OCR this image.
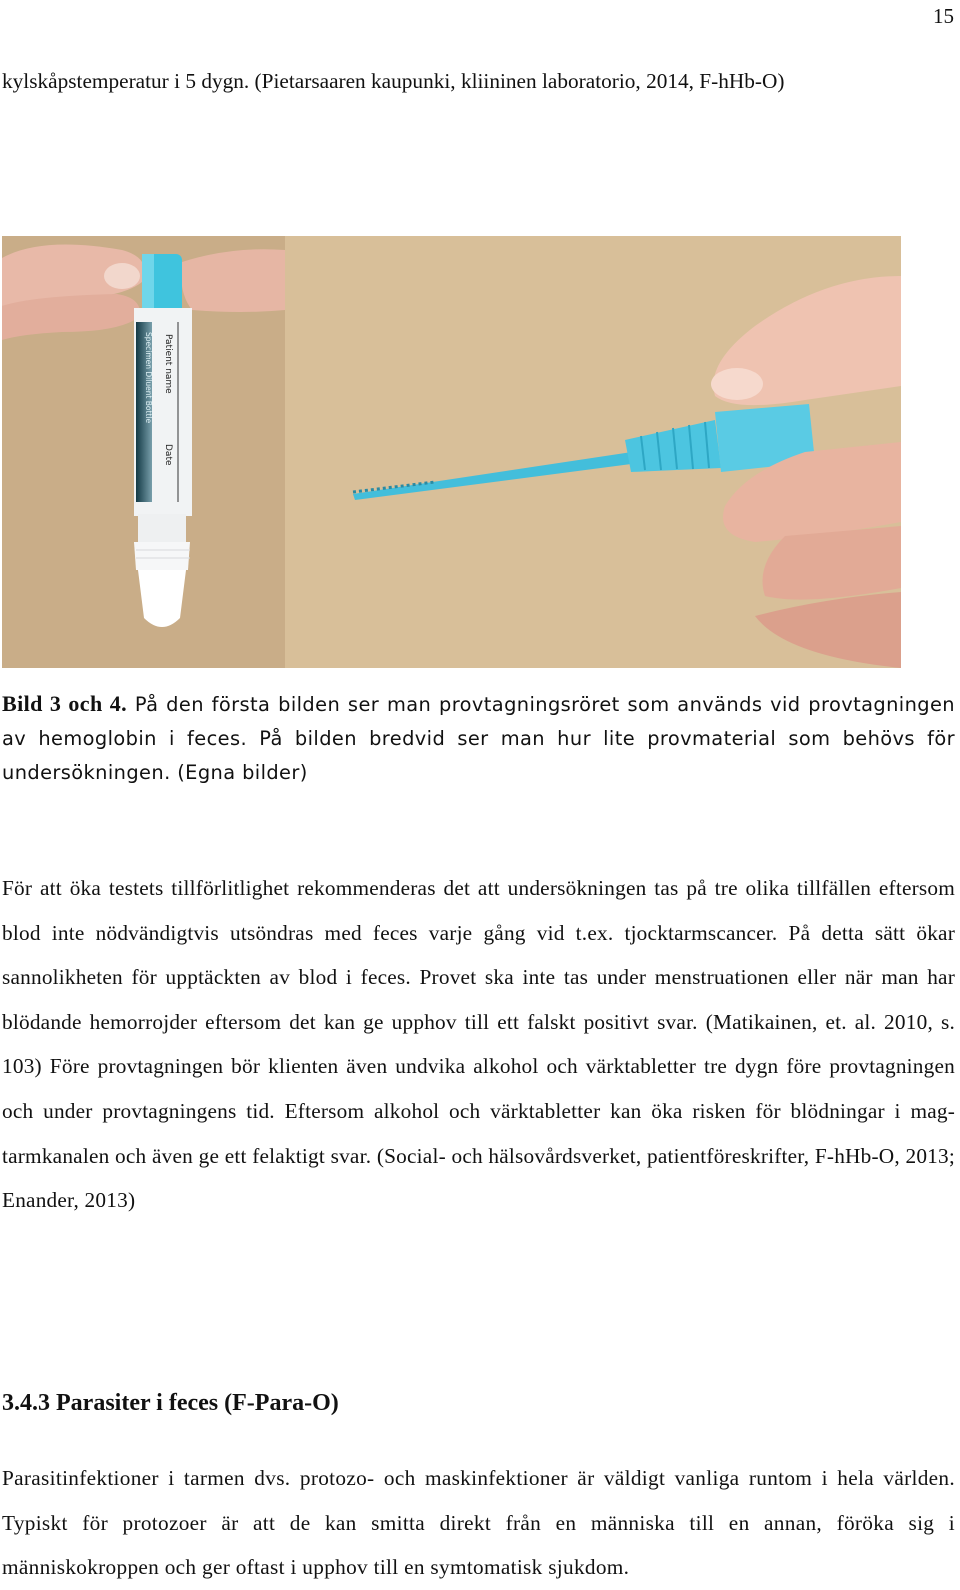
15

kylskåpstemperatur i 5 dygn. (Pietarsaaren kaupunki, kliininen laboratorio, 2014, F-hHb-O)

Patient name
Date
Specimen Diluent Bottle

Bild 3 och 4. På den första bilden ser man provtagningsröret som används vid provtagningen av hemoglobin i feces. På bilden bredvid ser man hur lite provmaterial som behövs för undersökningen. (Egna bilder)

För att öka testets tillförlitlighet rekommenderas det att undersökningen tas på tre olika tillfällen eftersom blod inte nödvändigtvis utsöndras med feces varje gång vid t.ex. tjocktarmscancer. På detta sätt ökar sannolikheten för upptäckten av blod i feces. Provet ska inte tas under menstruationen eller när man har blödande hemorrojder eftersom det kan ge upphov till ett falskt positivt svar. (Matikainen, et. al. 2010, s. 103) Före provtagningen bör klienten även undvika alkohol och värktabletter tre dygn före provtagningen och under provtagningens tid. Eftersom alkohol och värktabletter kan öka risken för blödningar i mag-tarmkanalen och även ge ett felaktigt svar. (Social- och hälsovårdsverket, patientföreskrifter, F-hHb-O, 2013; Enander, 2013)

3.4.3 Parasiter i feces (F-Para-O)

Parasitinfektioner i tarmen dvs. protozo- och maskinfektioner är väldigt vanliga runtom i hela världen. Typiskt för protozoer är att de kan smitta direkt från en människa till en annan, föröka sig i människokroppen och ger oftast i upphov till en symtomatisk sjukdom.
